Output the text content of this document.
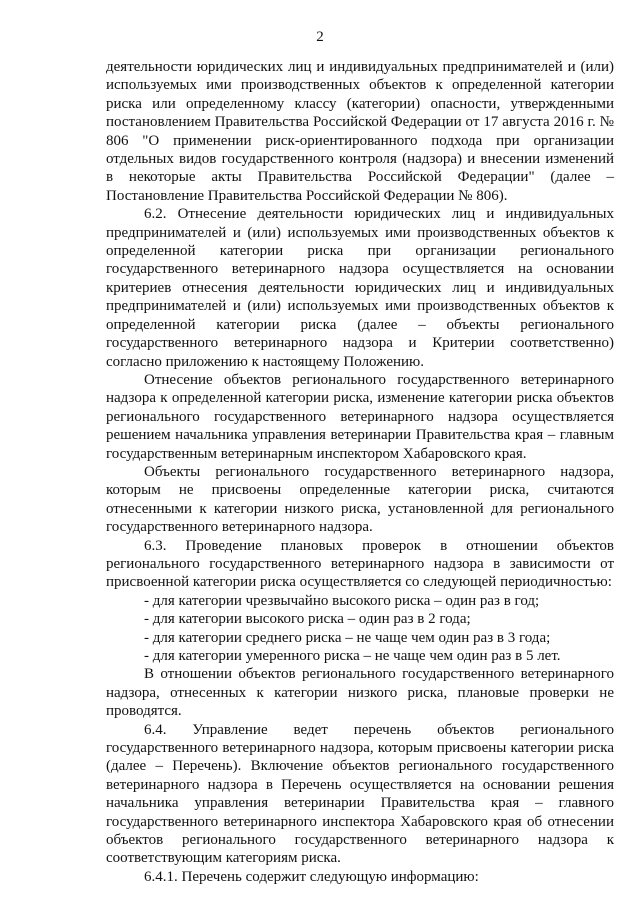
2

деятельности юридических лиц и индивидуальных предпринимателей и (или) используемых ими производственных объектов к определенной категории риска или определенному классу (категории) опасности, утвержденными постановлением Правительства Российской Федерации от 17 августа 2016 г. № 806 "О применении риск-ориентированного подхода при организации отдельных видов государственного контроля (надзора) и внесении изменений в некоторые акты Правительства Российской Федерации" (далее – Постановление Правительства Российской Федерации № 806).

6.2. Отнесение деятельности юридических лиц и индивидуальных предпринимателей и (или) используемых ими производственных объектов к определенной категории риска при организации регионального государственного ветеринарного надзора осуществляется на основании критериев отнесения деятельности юридических лиц и индивидуальных предпринимателей и (или) используемых ими производственных объектов к определенной категории риска (далее – объекты регионального государственного ветеринарного надзора и Критерии соответственно) согласно приложению к настоящему Положению.

Отнесение объектов регионального государственного ветеринарного надзора к определенной категории риска, изменение категории риска объектов регионального государственного ветеринарного надзора осуществляется решением начальника управления ветеринарии Правительства края – главным государственным ветеринарным инспектором Хабаровского края.

Объекты регионального государственного ветеринарного надзора, которым не присвоены определенные категории риска, считаются отнесенными к категории низкого риска, установленной для регионального государственного ветеринарного надзора.

6.3. Проведение плановых проверок в отношении объектов регионального государственного ветеринарного надзора в зависимости от присвоенной категории риска осуществляется со следующей периодичностью:

- для категории чрезвычайно высокого риска – один раз в год;

- для категории высокого риска – один раз в 2 года;

- для категории среднего риска – не чаще чем один раз в 3 года;

- для категории умеренного риска – не чаще чем один раз в 5 лет.

В отношении объектов регионального государственного ветеринарного надзора, отнесенных к категории низкого риска, плановые проверки не проводятся.

6.4. Управление ведет перечень объектов регионального государственного ветеринарного надзора, которым присвоены категории риска (далее – Перечень). Включение объектов регионального государственного ветеринарного надзора в Перечень осуществляется на основании решения начальника управления ветеринарии Правительства края – главного государственного ветеринарного инспектора Хабаровского края об отнесении объектов регионального государственного ветеринарного надзора к соответствующим категориям риска.

6.4.1. Перечень содержит следующую информацию:
